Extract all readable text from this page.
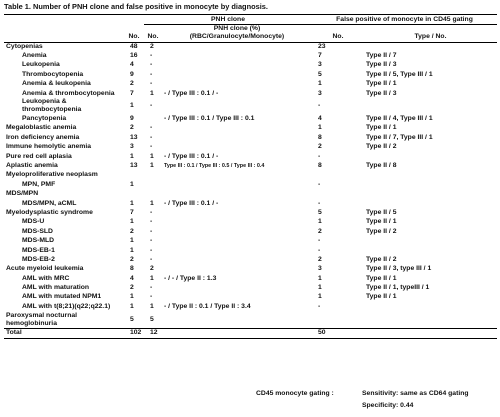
Table 1. Number of PNH clone and false positive in monocyte by diagnosis.
		PNH clone		False positive of monocyte in CD45 gating	
			PNH clone (%)		
	No.	No.	(RBC/Granulocyte/Monocyte)	No.	Type / No.
Cytopenias	48	2		23	
Anemia	16	-		7	Type II / 7
Leukopenia	4	-		3	Type II / 3
Thrombocytopenia	9	-		5	Type II / 5, Type III / 1
Anemia & leukopenia	2	-		1	Type II / 1
Anemia & thrombocytopenia	7	1	- / Type III : 0.1 / -	3	Type II / 3
Leukopenia & thrombocytopenia	1	-		-	
Pancytopenia	9		- / Type III : 0.1 / Type III : 0.1	4	Type II / 4, Type III / 1
Megaloblastic anemia	2	-		1	Type II / 1
Iron deficiency anemia	13	-		8	Type II / 7, Type III / 1
Immune hemolytic anemia	3	-		2	Type II / 2
Pure red cell aplasia	1	1	- / Type III : 0.1 / -	-	
Aplastic anemia	13	1	Type III : 0.1 / Type III : 0.5 / Type III : 0.4	8	Type II / 8
Myeloproliferative neoplasm					
MPN, PMF	1			-	
MDS/MPN					
MDS/MPN, aCML	1	1	- / Type III : 0.1 / -	-	
Myelodysplastic syndrome	7	-		5	Type II / 5
MDS-U	1	-		1	Type II / 1
MDS-SLD	2	-		2	Type II / 2
MDS-MLD	1	-		-	
MDS-EB-1	1	-		-	
MDS-EB-2	2	-		2	Type II / 2
Acute myeloid leukemia	8	2		3	Type II / 3, type III / 1
AML with MRC	4	1	- / - / Type II : 1.3	1	Type II / 1
AML with maturation	2	-		1	Type II / 1, typeIII / 1
AML with mutated NPM1	1	-		1	Type II / 1
AML with t(8;21)(q22;q22.1)	1	1	- / Type II : 0.1 / Type II : 3.4	-	
Paroxysmal nocturnal hemoglobinuria	5	5			
Total	102	12		50	
CD45 monocyte gating :	Sensitivity: same as CD64 gating
Specificity: 0.44
